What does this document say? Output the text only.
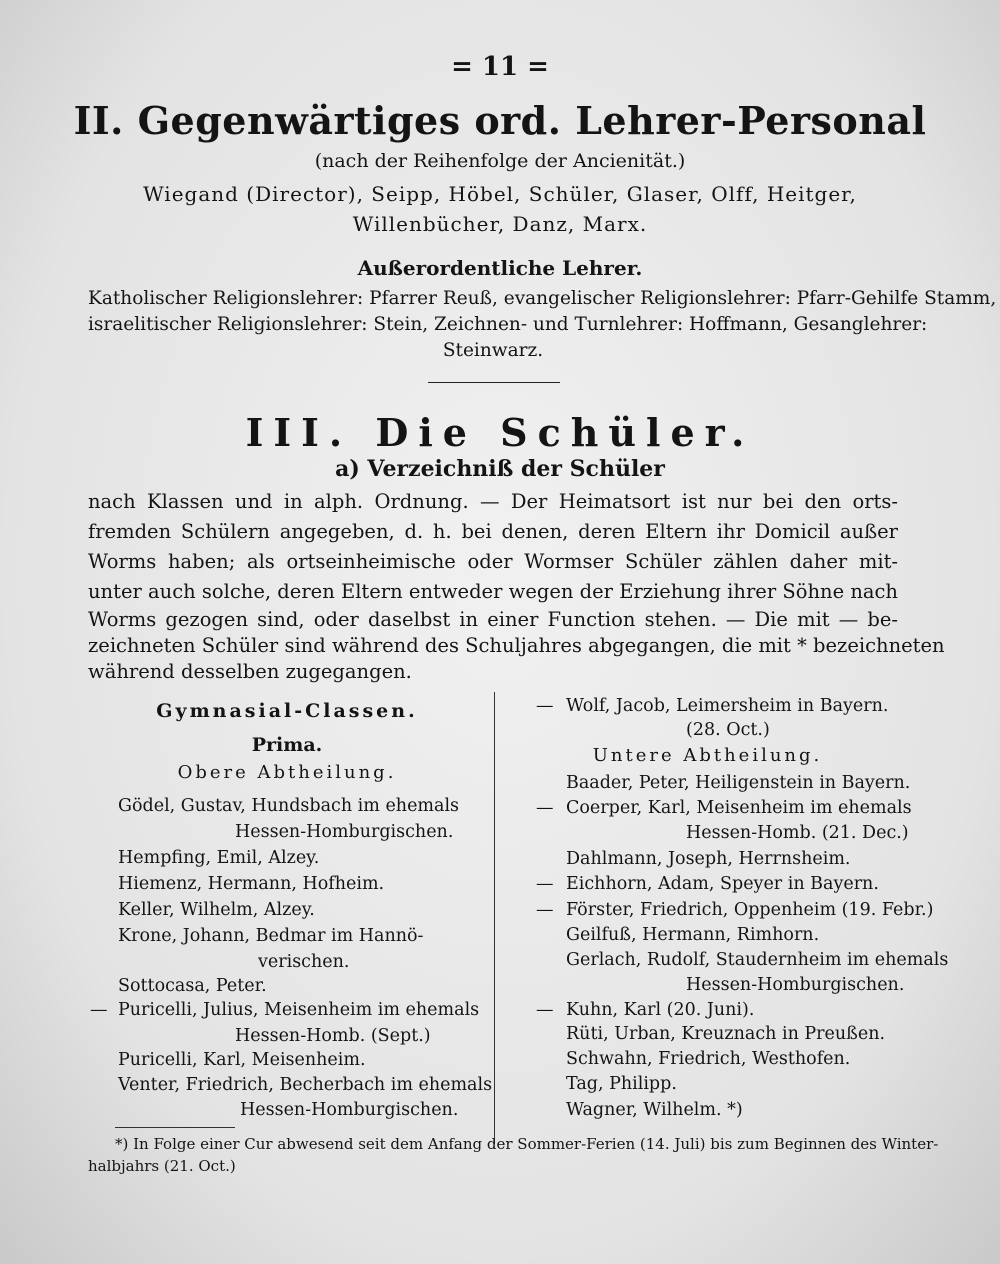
= 11 =
II. Gegenwärtiges ord. Lehrer-Personal
(nach der Reihenfolge der Ancienität.)
Wiegand (Director), Seipp, Höbel, Schüler, Glaser, Olff, Heitger,
Willenbücher, Danz, Marx.
Außerordentliche Lehrer.
Katholischer Religionslehrer: Pfarrer Reuß, evangelischer Religionslehrer: Pfarr-Gehilfe Stamm,
israelitischer Religionslehrer: Stein, Zeichnen- und Turnlehrer: Hoffmann, Gesanglehrer:
Steinwarz.
III. Die Schüler.
a) Verzeichniß der Schüler
nach Klassen und in alph. Ordnung. — Der Heimatsort ist nur bei den orts-
fremden Schülern angegeben, d. h. bei denen, deren Eltern ihr Domicil außer
Worms haben; als ortseinheimische oder Wormser Schüler zählen daher mit-
unter auch solche, deren Eltern entweder wegen der Erziehung ihrer Söhne nach
Worms gezogen sind, oder daselbst in einer Function stehen. — Die mit — be-
zeichneten Schüler sind während des Schuljahres abgegangen, die mit * bezeichneten
während desselben zugegangen.
Gymnasial-Classen.
Prima.
Obere Abtheilung.
Gödel, Gustav, Hundsbach im ehemals
Hessen-Homburgischen.
Hempfing, Emil, Alzey.
Hiemenz, Hermann, Hofheim.
Keller, Wilhelm, Alzey.
Krone, Johann, Bedmar im Hannö-
verischen.
Sottocasa, Peter.
— Puricelli, Julius, Meisenheim im ehemals
Hessen-Homb. (Sept.)
Puricelli, Karl, Meisenheim.
Venter, Friedrich, Becherbach im ehemals
Hessen-Homburgischen.
— Wolf, Jacob, Leimersheim in Bayern.
(28. Oct.)
Untere Abtheilung.
Baader, Peter, Heiligenstein in Bayern.
— Coerper, Karl, Meisenheim im ehemals
Hessen-Homb. (21. Dec.)
Dahlmann, Joseph, Herrnsheim.
— Eichhorn, Adam, Speyer in Bayern.
— Förster, Friedrich, Oppenheim (19. Febr.)
Geilfuß, Hermann, Rimhorn.
Gerlach, Rudolf, Staudernheim im ehemals
Hessen-Homburgischen.
— Kuhn, Karl (20. Juni).
Rüti, Urban, Kreuznach in Preußen.
Schwahn, Friedrich, Westhofen.
Tag, Philipp.
Wagner, Wilhelm. *)
*) In Folge einer Cur abwesend seit dem Anfang der Sommer-Ferien (14. Juli) bis zum Beginnen des Winter-
halbjahrs (21. Oct.)
